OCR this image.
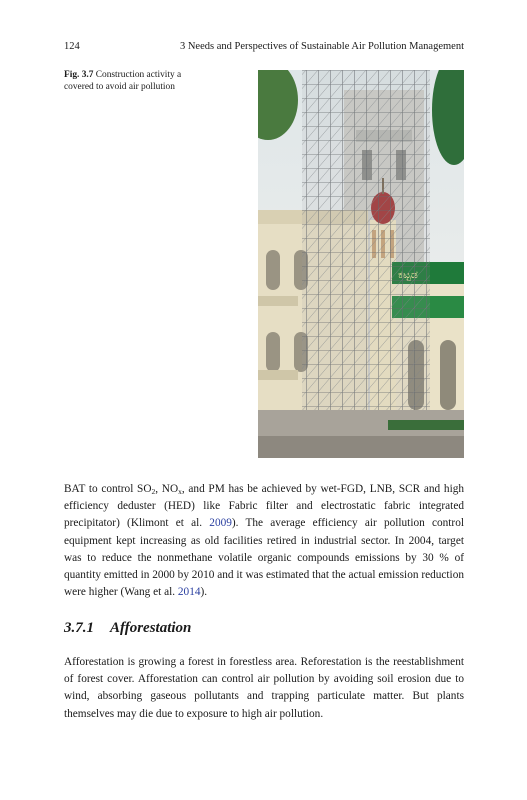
124	3 Needs and Perspectives of Sustainable Air Pollution Management
Fig. 3.7 Construction activity a covered to avoid air pollution
BAT to control $SO_2$, $NO_x$, and PM has be achieved by wet-FGD, LNB, SCR and high efficiency deduster (HED) like Fabric filter and electrostatic fabric integrated precipitator) (Klimont et al. 2009). The average efficiency air pollution control equipment kept increasing as old facilities retired in industrial sector. In 2004, target was to reduce the nonmethane volatile organic compounds emissions by 30 % of quantity emitted in 2000 by 2010 and it was estimated that the actual emission reduction were higher (Wang et al. 2014).
3.7.1 Afforestation
Afforestation is growing a forest in forestless area. Reforestation is the reestablishment of forest cover. Afforestation can control air pollution by avoiding soil erosion due to wind, absorbing gaseous pollutants and trapping particulate matter. But plants themselves may die due to exposure to high air pollution.
